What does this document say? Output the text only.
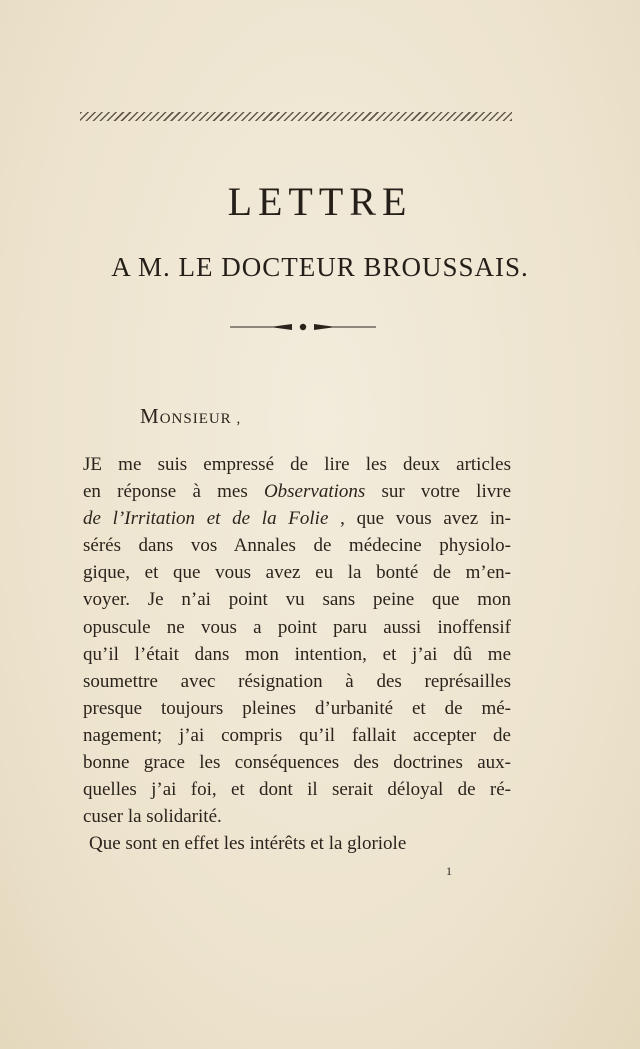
LETTRE
A M. LE DOCTEUR BROUSSAIS.
MONSIEUR ,
JE me suis empressé de lire les deux articles
en réponse à mes Observations sur votre livre
de l’Irritation et de la Folie , que vous avez in-
sérés dans vos Annales de médecine physiolo-
gique, et que vous avez eu la bonté de m’en-
voyer. Je n’ai point vu sans peine que mon
opuscule ne vous a point paru aussi inoffensif
qu’il l’était dans mon intention, et j’ai dû me
soumettre avec résignation à des représailles
presque toujours pleines d’urbanité et de mé-
nagement; j’ai compris qu’il fallait accepter de
bonne grace les conséquences des doctrines aux-
quelles j’ai foi, et dont il serait déloyal de ré-
cuser la solidarité.
Que sont en effet les intérêts et la gloriole
1
